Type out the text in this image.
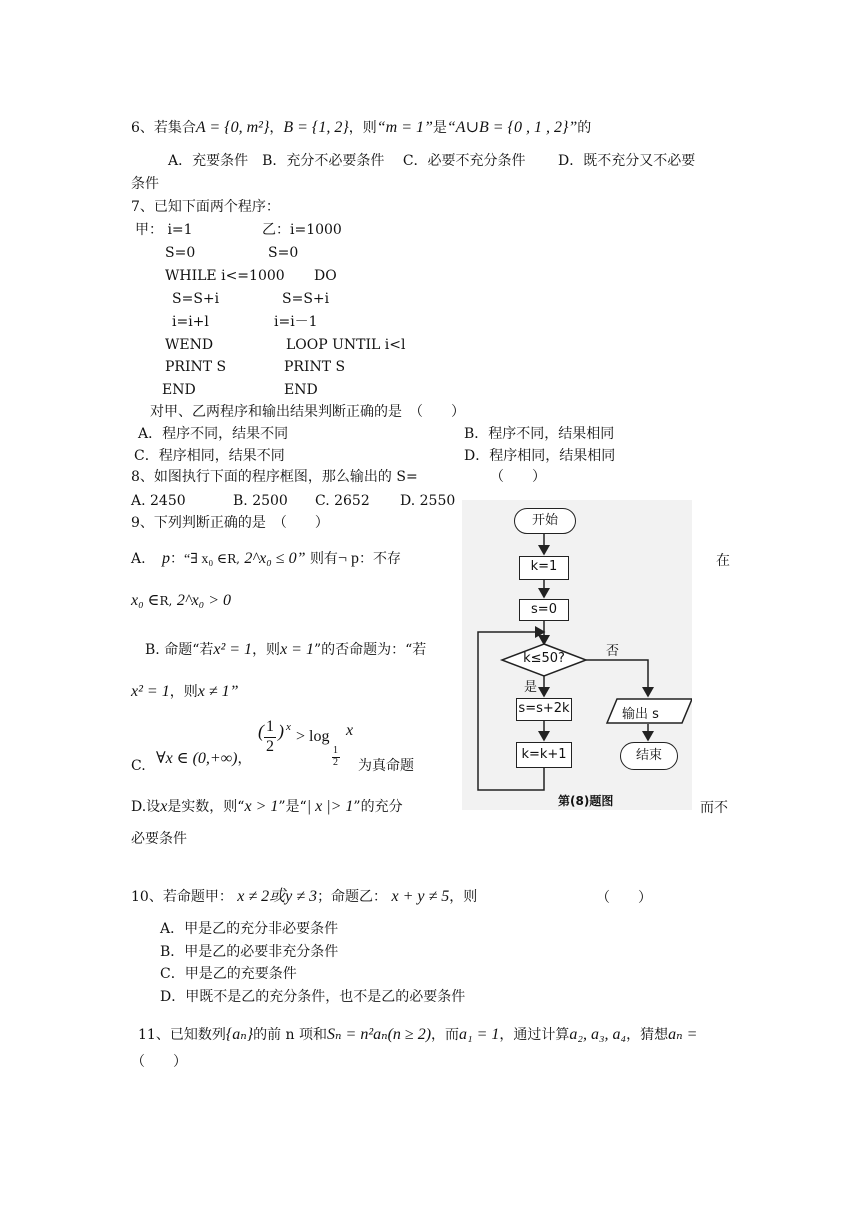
6、若集合A = {0, m²}，B = {1, 2}，则“m = 1”是“A∪B = {0 , 1 , 2}”的
A．充要条件　B．充分不必要条件　 C．必要不充分条件　　 D．既不充分又不必要
条件
7、已知下面两个程序：
甲： i=1
S=0
WHILE i<=1000
S=S+i
i=i+l
WEND
PRINT S
END
乙：i=1000
S=0
DO
S=S+i
i=i－1
LOOP UNTIL i<l
PRINT S
END
对甲、乙两程序和输出结果判断正确的是　（　　）
A．程序不同，结果不同	B．程序不同，结果相同
C．程序相同，结果不同	D．程序相同，结果相同
8、如图执行下面的程序框图，那么输出的 S=	（　　）
A. 2450	B. 2500 C. 2652 D. 2550
9、下列判断正确的是　（　　）
A. p：“∃ x₀ ∈R, 2^x₀ ≤ 0” 则有¬ p：不存	在
x₀ ∈R, 2^x₀ > 0
B. 命题“若x² = 1，则x = 1”的否命题为：“若
x² = 1，则x ≠ 1”
C. ∀x ∈ (0,+∞)，
( 1
2
) x
> log
1
2
x
为真命题
D.设x是实数，则“x > 1”是“| x |> 1”的充分	而不
必要条件
10、若命题甲： x ≠ 2或y ≠ 3；命题乙： x + y ≠ 5，则	（　　）
A．甲是乙的充分非必要条件
B．甲是乙的必要非充分条件
C．甲是乙的充要条件
D．甲既不是乙的充分条件，也不是乙的必要条件
11、已知数列{aₙ}的前 n 项和Sₙ = n²aₙ(n ≥ 2)，而a₁ = 1，通过计算a₂, a₃, a₄，猜想aₙ =
（　　）
开始
k=1
s=0
k≤50?	否
是
s=s+2k
k=k+1
输出 s
结束
第(8)题图
